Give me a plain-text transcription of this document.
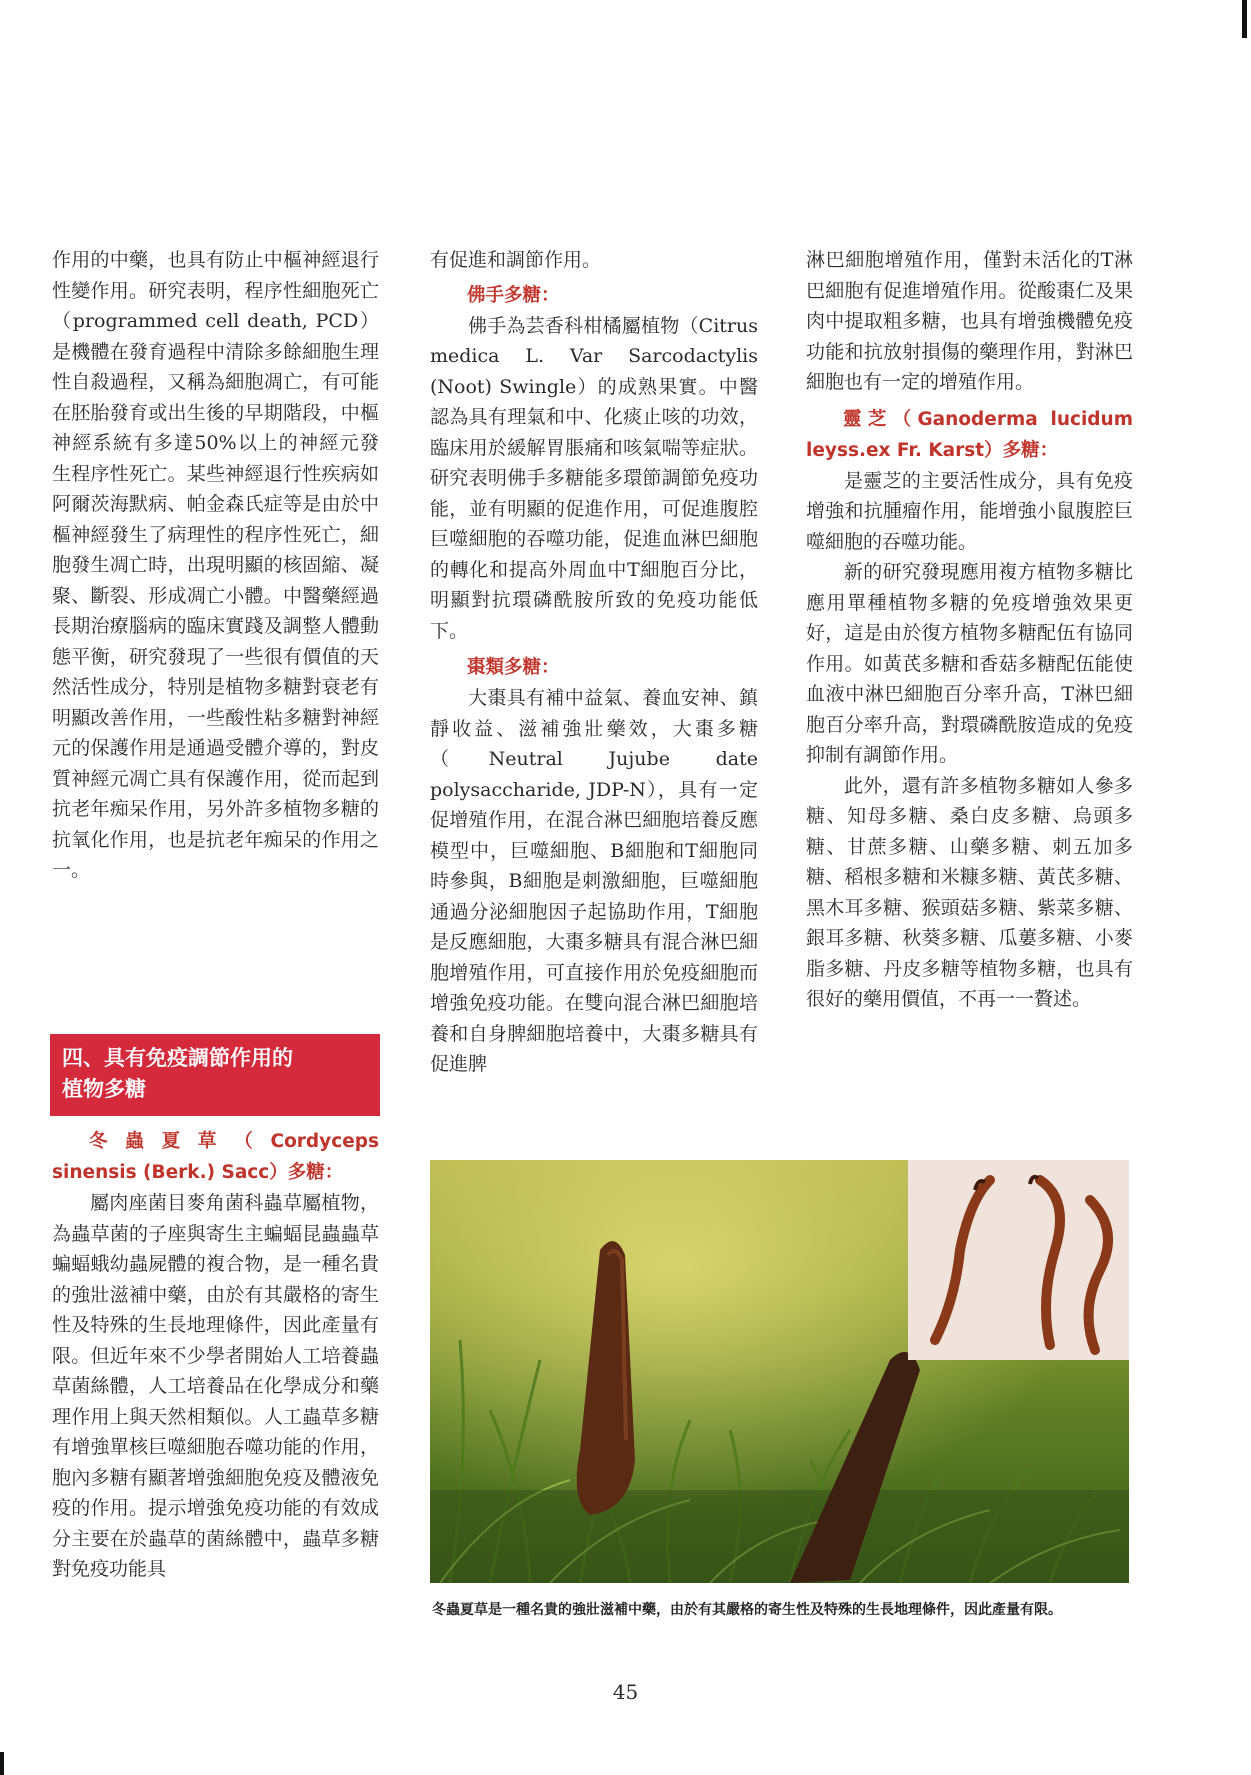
作用的中藥，也具有防止中樞神經退行性變作用。研究表明，程序性細胞死亡（programmed cell death, PCD）是機體在發育過程中清除多餘細胞生理性自殺過程，又稱為細胞凋亡，有可能在胚胎發育或出生後的早期階段，中樞神經系統有多達50%以上的神經元發生程序性死亡。某些神經退行性疾病如阿爾茨海默病、帕金森氏症等是由於中樞神經發生了病理性的程序性死亡，細胞發生凋亡時，出現明顯的核固縮、凝聚、斷裂、形成凋亡小體。中醫藥經過長期治療腦病的臨床實踐及調整人體動態平衡，研究發現了一些很有價值的天然活性成分，特別是植物多糖對衰老有明顯改善作用，一些酸性粘多糖對神經元的保護作用是通過受體介導的，對皮質神經元凋亡具有保護作用，從而起到抗老年痴呆作用，另外許多植物多糖的抗氧化作用，也是抗老年痴呆的作用之一。

四、具有免疫調節作用的
植物多糖

冬蟲夏草（Cordyceps sinensis (Berk.) Sacc）多糖：

屬肉座菌目麥角菌科蟲草屬植物，為蟲草菌的子座與寄生主蝙蝠昆蟲蟲草蝙蝠蛾幼蟲屍體的複合物，是一種名貴的強壯滋補中藥，由於有其嚴格的寄生性及特殊的生長地理條件，因此產量有限。但近年來不少學者開始人工培養蟲草菌絲體，人工培養品在化學成分和藥理作用上與天然相類似。人工蟲草多糖有增強單核巨噬細胞吞噬功能的作用，胞內多糖有顯著增強細胞免疫及體液免疫的作用。提示增強免疫功能的有效成分主要在於蟲草的菌絲體中，蟲草多糖對免疫功能具

有促進和調節作用。

佛手多糖：

佛手為芸香科柑橘屬植物（Citrus medica L. Var Sarcodactylis (Noot) Swingle）的成熟果實。中醫認為具有理氣和中、化痰止咳的功效，臨床用於緩解胃脹痛和咳氣喘等症狀。研究表明佛手多糖能多環節調節免疫功能，並有明顯的促進作用，可促進腹腔巨噬細胞的吞噬功能，促進血淋巴細胞的轉化和提高外周血中T細胞百分比，明顯對抗環磷酰胺所致的免疫功能低下。

棗類多糖：

大棗具有補中益氣、養血安神、鎮靜收益、滋補強壯藥效，大棗多糖（Neutral Jujube date polysaccharide, JDP-N），具有一定促增殖作用，在混合淋巴細胞培養反應模型中，巨噬細胞、B細胞和T細胞同時參與，B細胞是刺激細胞，巨噬細胞通過分泌細胞因子起協助作用，T細胞是反應細胞，大棗多糖具有混合淋巴細胞增殖作用，可直接作用於免疫細胞而增強免疫功能。在雙向混合淋巴細胞培養和自身脾細胞培養中，大棗多糖具有促進脾

淋巴細胞增殖作用，僅對未活化的T淋巴細胞有促進增殖作用。從酸棗仁及果肉中提取粗多糖，也具有增強機體免疫功能和抗放射損傷的藥理作用，對淋巴細胞也有一定的增殖作用。

靈芝（Ganoderma lucidum leyss.ex Fr. Karst）多糖：

是靈芝的主要活性成分，具有免疫增強和抗腫瘤作用，能增強小鼠腹腔巨噬細胞的吞噬功能。

新的研究發現應用複方植物多糖比應用單種植物多糖的免疫增強效果更好，這是由於復方植物多糖配伍有協同作用。如黃芪多糖和香菇多糖配伍能使血液中淋巴細胞百分率升高，T淋巴細胞百分率升高，對環磷酰胺造成的免疫抑制有調節作用。

此外，還有許多植物多糖如人參多糖、知母多糖、桑白皮多糖、烏頭多糖、甘蔗多糖、山藥多糖、刺五加多糖、稻根多糖和米糠多糖、黃芪多糖、黑木耳多糖、猴頭菇多糖、紫菜多糖、銀耳多糖、秋葵多糖、瓜蔞多糖、小麥脂多糖、丹皮多糖等植物多糖，也具有很好的藥用價值，不再一一贅述。

冬蟲夏草是一種名貴的強壯滋補中藥，由於有其嚴格的寄生性及特殊的生長地理條件，因此產量有限。
45
